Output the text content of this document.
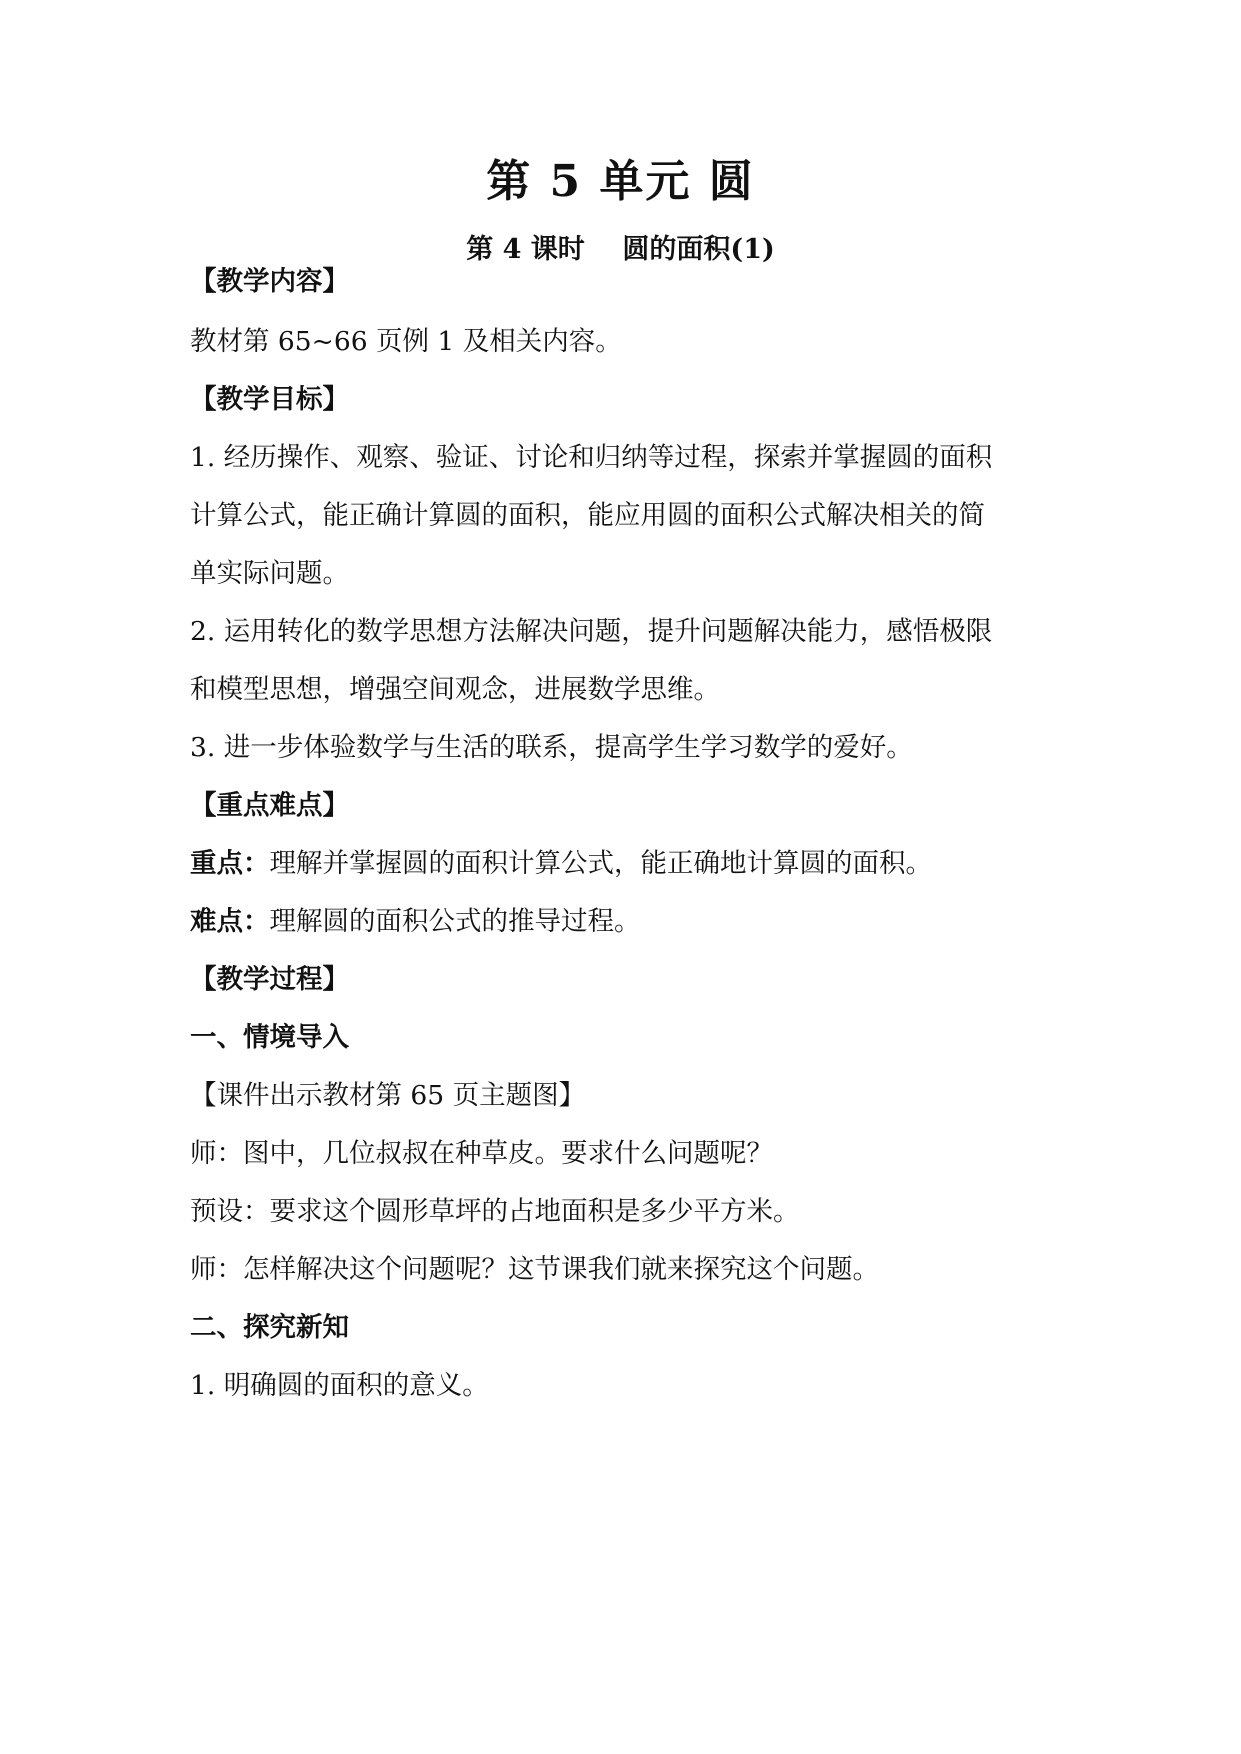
第 5 单元 圆
第 4 课时 圆的面积(1)

【教学内容】

教材第 65~66 页例 1 及相关内容。

【教学目标】

1. 经历操作、观察、验证、讨论和归纳等过程，探索并掌握圆的面积

计算公式，能正确计算圆的面积，能应用圆的面积公式解决相关的简

单实际问题。

2. 运用转化的数学思想方法解决问题，提升问题解决能力，感悟极限

和模型思想，增强空间观念，进展数学思维。

3. 进一步体验数学与生活的联系，提高学生学习数学的爱好。

【重点难点】

重点：理解并掌握圆的面积计算公式，能正确地计算圆的面积。

难点：理解圆的面积公式的推导过程。

【教学过程】

一、情境导入

【课件出示教材第 65 页主题图】

师：图中，几位叔叔在种草皮。要求什么问题呢？

预设：要求这个圆形草坪的占地面积是多少平方米。

师：怎样解决这个问题呢？这节课我们就来探究这个问题。

二、探究新知

1. 明确圆的面积的意义。
